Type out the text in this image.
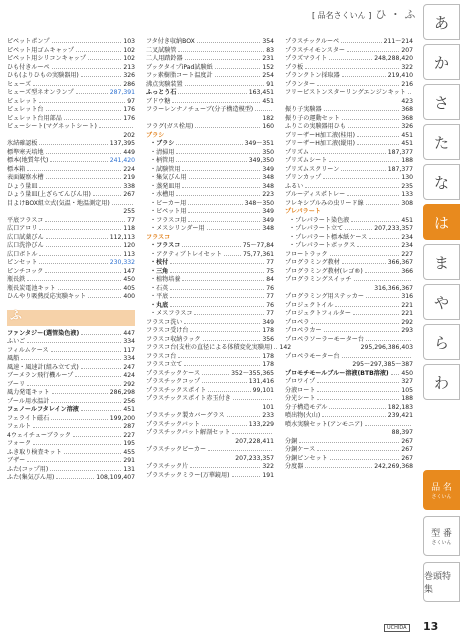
[ 品名さくいん ] ひ ・ ふ
ピペットポンプ	103
ピペット用ゴムキャップ	102
ピペット用シリコンキャップ	102
ひも付きルーペ	213
ひも(よりひもの実験器用)	326
ヒューズ	286
ヒューズ型ネオンランプ	287,391
ビュレット	97
ビュレット台	176
ビュレット台用部品	176
ビューシート(マグネットシート)
202
氷結確認板	137,395
標準寒天培地	449
標本(地質年代)	241,420
標本箱	224
表面観察水槽	219
ひょう量皿	338
ひょう量皿(上ざらてんびん用)	267
目よけBOX組立式(気温・地温測定用)
255
平底フラスコ	77
広口アロリ	118
広口試薬びん	112,113
広口洗浄びん	120
広口ボトル	113
ピンセット	230,332
ピンチコック	147
瓶長鉄	450
瓶長炭電池キット	405
ひんやり吸熱反応実験キット	400
ふ
ファンタジー(選管染色液)	447
ふいご	334
フィルムケース	117
風船	334
風速・風速計(組み立て式)	247
ブーメラン飛行機ループ	424
ブーリ	292
風力発電キット	286,298
プール用水温計	256
フェノールフタレイン溶液	451
フェライト磁石	199,200
フェルト	287
4ウェイチューブラック	227
フォーク	195
ふき取り検査キット	455
ブザー	291
ふた(コップ用)	131
ふた(集気びん用)	108,109,407
フタ付き収納BOX	354
二叉試験管	83
二人用踏鈴器	231
ブックタイプiPad試験紙	152
フッ素樹脂コート温度計	254
沸点実験装置	91
ふっとう石	163,451
ブドウ糖	451
フラーレンナノチューブ(分子構造模型)
182
フラグ(ガス栓用)	160
ブラシ
・ブラシ	349〜351
・清掃用	350
・柄管用	349,350
・試験管用	349
・集気びん用	348
・蒸発皿用	348
・水槽用	223
・ビーカー用	348〜350
・ビペット用	349
・フラスコ用	349
・メスシリンダー用	348
フラスコ
・フラスコ	75〜77,84
・アクティブトレイセット	75,77,361
・枝付	77
・三角	75
・植物培養	84
・石英	76
・平底	77
・丸底	76
・メスフラスコ	77
フラスコ洗い	349
フラスコ受け台	178
フラスコ収納ラック	356
フラスコ台(支柱の直径による体積変化実験用) 142
フラスコ台	178
フラスコ立て	178
プラスチックケース	352〜355,365
プラスチックコップ	131,416
プラスチックスポイト	99,101
プラスチックスポイト赤玉付き
101
プラスチック製カバーグラス	233
プラスチックバット	133,229
プラスチックバット解剖セット
207,228,411
プラスチックビーカー
207,233,357
プラスチック片	322
プラスチックミラー(万華鏡用)	191
プラスチックルーペ	211〜214
プラスチイモンスター	207
プラズマライト	248,288,420
プラ板	322
プランクトン採取器	219,410
プランター	216
フリーピストンスターリングエンジンキット
423
振り子実験器	368
振り子の運動セット	368
ふりこの実験器用ひも	326
ブリーザーH加工液(桂用)	451
ブリーザーH加工液(縦用)	451
プリズム	187,377
プリズムシート	188
プリズムスクリーン	187,377
プリンカップ	130
ふるい	235
ブルーディスポトレー	133
フレキシブルみの虫リード線	308
プレパラート
・プレパラート染色液	451
・プレパラート立て	207,233,357
・プレパラート標本紙ケース	234
・プレパラートボックス	234
フロートラック	227
プログラミング教材	366,367
プログラミング教材(レゴ®)	366
プログラミングスイッチ
316,366,367
プログラミング用ステッカー	316
プロジェクトイル	221
プロジェクトフィルター	221
プロペラ	292
プロペラカー	293
プロペラソーラーモーター台
295,296,386,403
プロペラモーター台
295〜297,385〜387
プロモチモールブルー溶液(BTB溶液) 450
プロワイプ	327
分液ロート	105
分光シート	188
分子構造モデル	182,183
噴出物(火山)	239,421
噴水実験セット(アンモニア)
88,397
分銅	267
分銅ケース	267
分銅ピンセット	267
分度器	242,269,368
あ
か
さ
た
な
は
ま
や
ら
わ
品 名
さくいん
型 番
さくいん
巻頭特集
UCHIDA 13
